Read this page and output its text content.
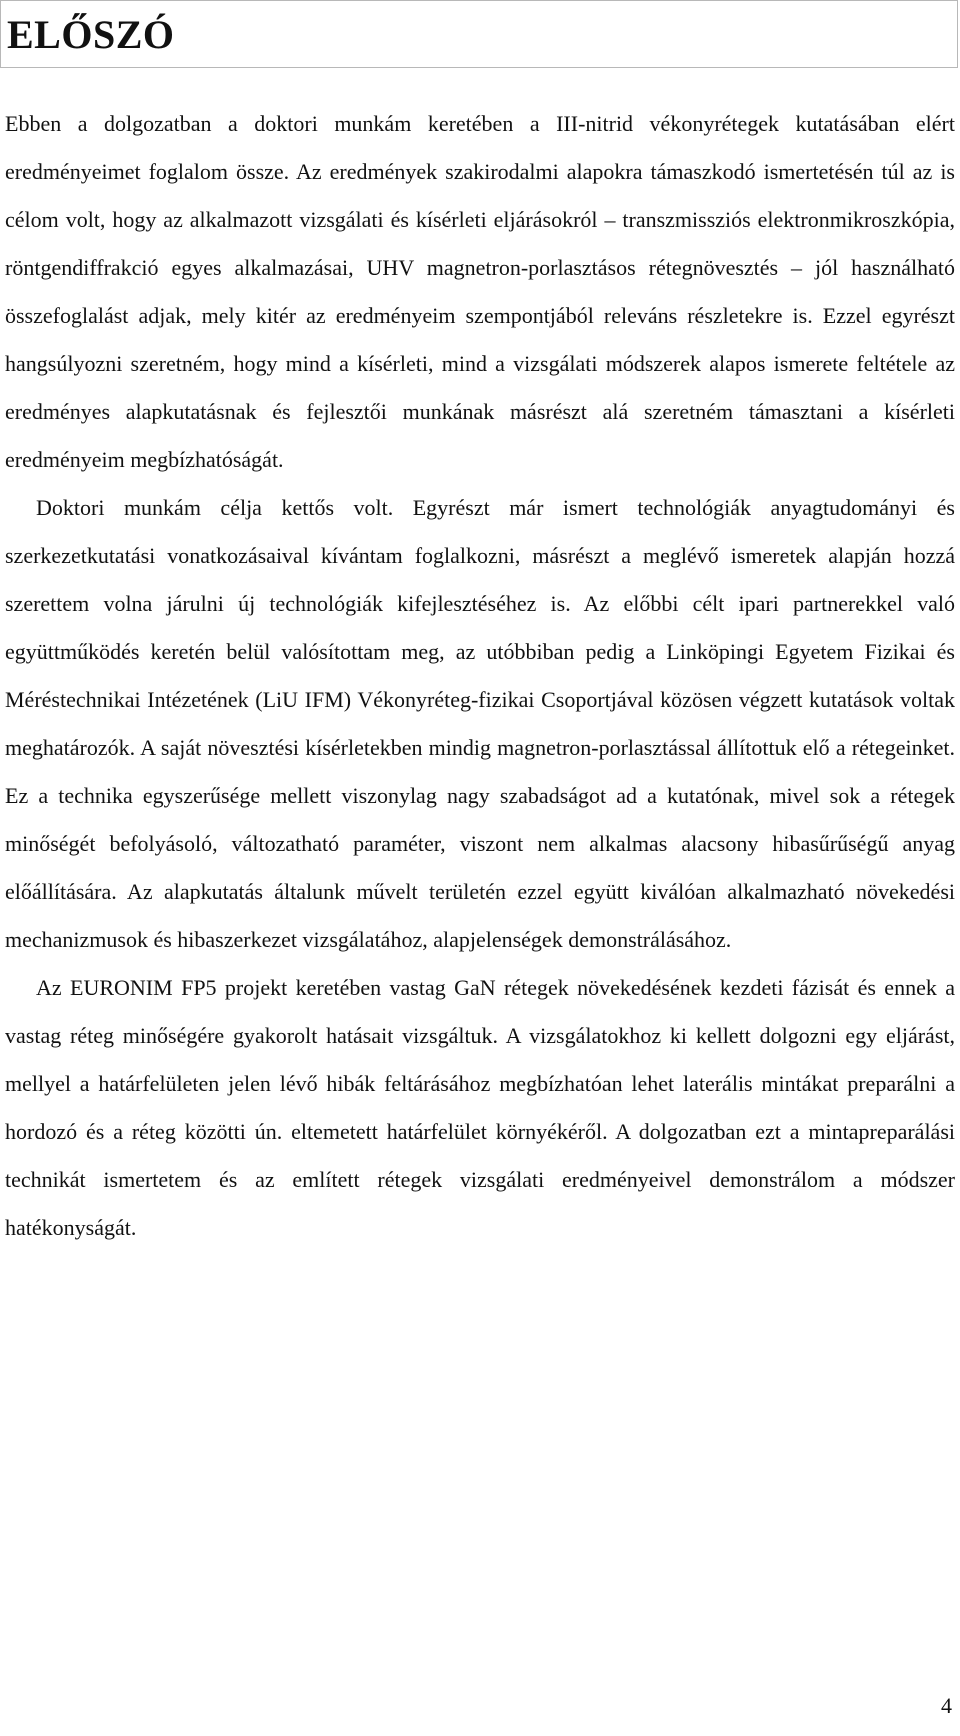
ELŐSZÓ

Ebben a dolgozatban a doktori munkám keretében a III-nitrid vékonyrétegek kutatásában elért eredményeimet foglalom össze. Az eredmények szakirodalmi alapokra támaszkodó ismertetésén túl az is célom volt, hogy az alkalmazott vizsgálati és kísérleti eljárásokról – transzmissziós elektronmikroszkópia, röntgendiffrakció egyes alkalmazásai, UHV magnetron-porlasztásos rétegnövesztés – jól használható összefoglalást adjak, mely kitér az eredményeim szempontjából releváns részletekre is. Ezzel egyrészt hangsúlyozni szeretném, hogy mind a kísérleti, mind a vizsgálati módszerek alapos ismerete feltétele az eredményes alapkutatásnak és fejlesztői munkának másrészt alá szeretném támasztani a kísérleti eredményeim megbízhatóságát.

Doktori munkám célja kettős volt. Egyrészt már ismert technológiák anyagtudományi és szerkezetkutatási vonatkozásaival kívántam foglalkozni, másrészt a meglévő ismeretek alapján hozzá szerettem volna járulni új technológiák kifejlesztéséhez is. Az előbbi célt ipari partnerekkel való együttműködés keretén belül valósítottam meg, az utóbbiban pedig a Linköpingi Egyetem Fizikai és Méréstechnikai Intézetének (LiU IFM) Vékonyréteg-fizikai Csoportjával közösen végzett kutatások voltak meghatározók. A saját növesztési kísérletekben mindig magnetron-porlasztással állítottuk elő a rétegeinket. Ez a technika egyszerűsége mellett viszonylag nagy szabadságot ad a kutatónak, mivel sok a rétegek minőségét befolyásoló, változatható paraméter, viszont nem alkalmas alacsony hibasűrűségű anyag előállítására. Az alapkutatás általunk művelt területén ezzel együtt kiválóan alkalmazható növekedési mechanizmusok és hibaszerkezet vizsgálatához, alapjelenségek demonstrálásához.

Az EURONIM FP5 projekt keretében vastag GaN rétegek növekedésének kezdeti fázisát és ennek a vastag réteg minőségére gyakorolt hatásait vizsgáltuk. A vizsgálatokhoz ki kellett dolgozni egy eljárást, mellyel a határfelületen jelen lévő hibák feltárásához megbízhatóan lehet laterális mintákat preparálni a hordozó és a réteg közötti ún. eltemetett határfelület környékéről. A dolgozatban ezt a mintapreparálási technikát ismertetem és az említett rétegek vizsgálati eredményeivel demonstrálom a módszer hatékonyságát.

4
